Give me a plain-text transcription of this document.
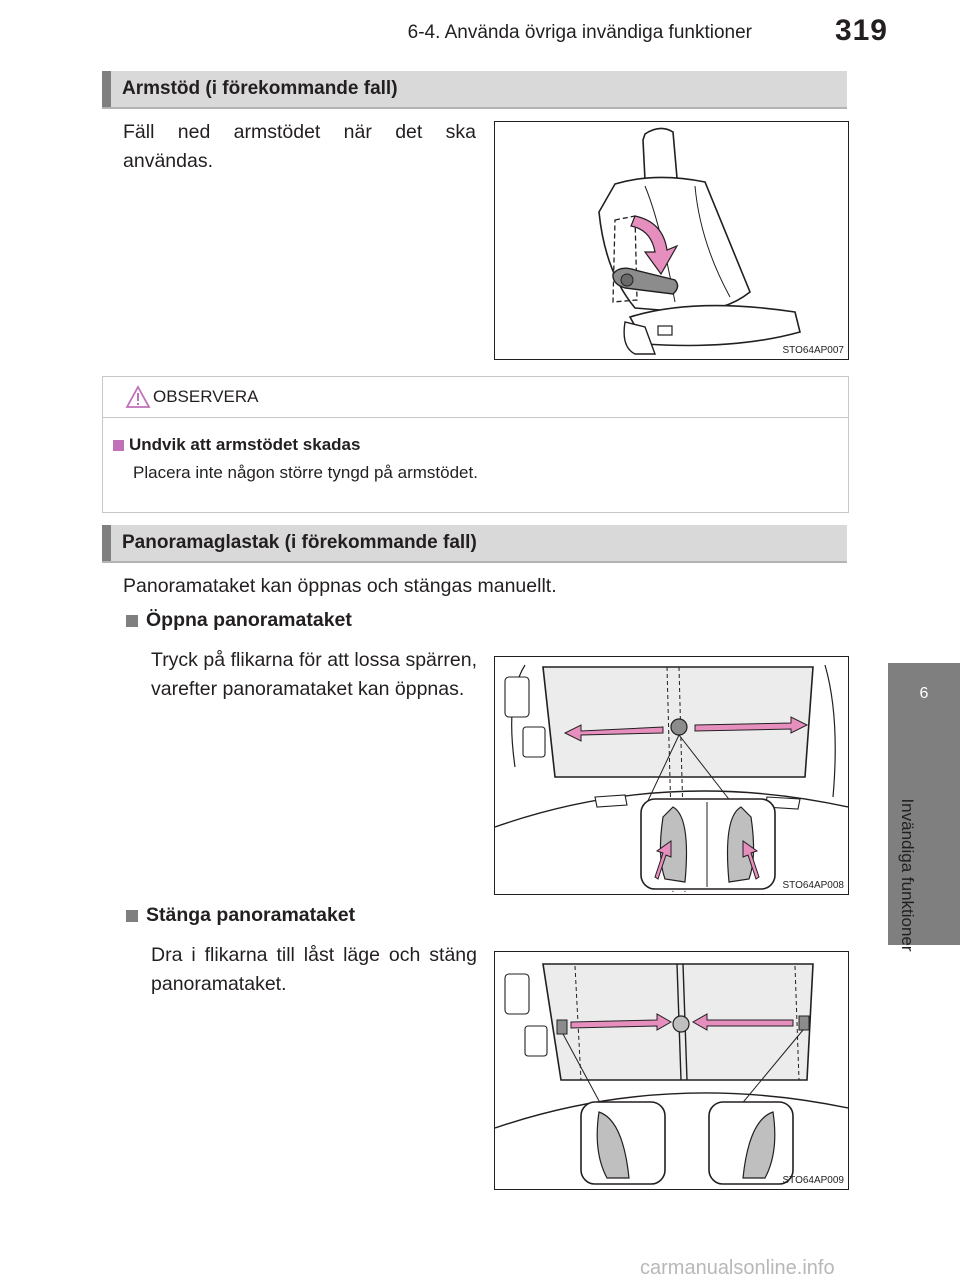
6-4. Använda övriga invändiga funktioner	319
Armstöd (i förekommande fall)
Fäll ned armstödet när det ska användas.
STO64AP007
OBSERVERA
Undvik att armstödet skadas
Placera inte någon större tyngd på armstödet.
Panoramaglastak (i förekommande fall)
Panoramataket kan öppnas och stängas manuellt.
Öppna panoramataket
Tryck på flikarna för att lossa spärren, varefter panoramataket kan öppnas.
STO64AP008
Stänga panoramataket
Dra i flikarna till låst läge och stäng panoramataket.
STO64AP009
6
Invändiga funktioner
carmanualsonline.info
